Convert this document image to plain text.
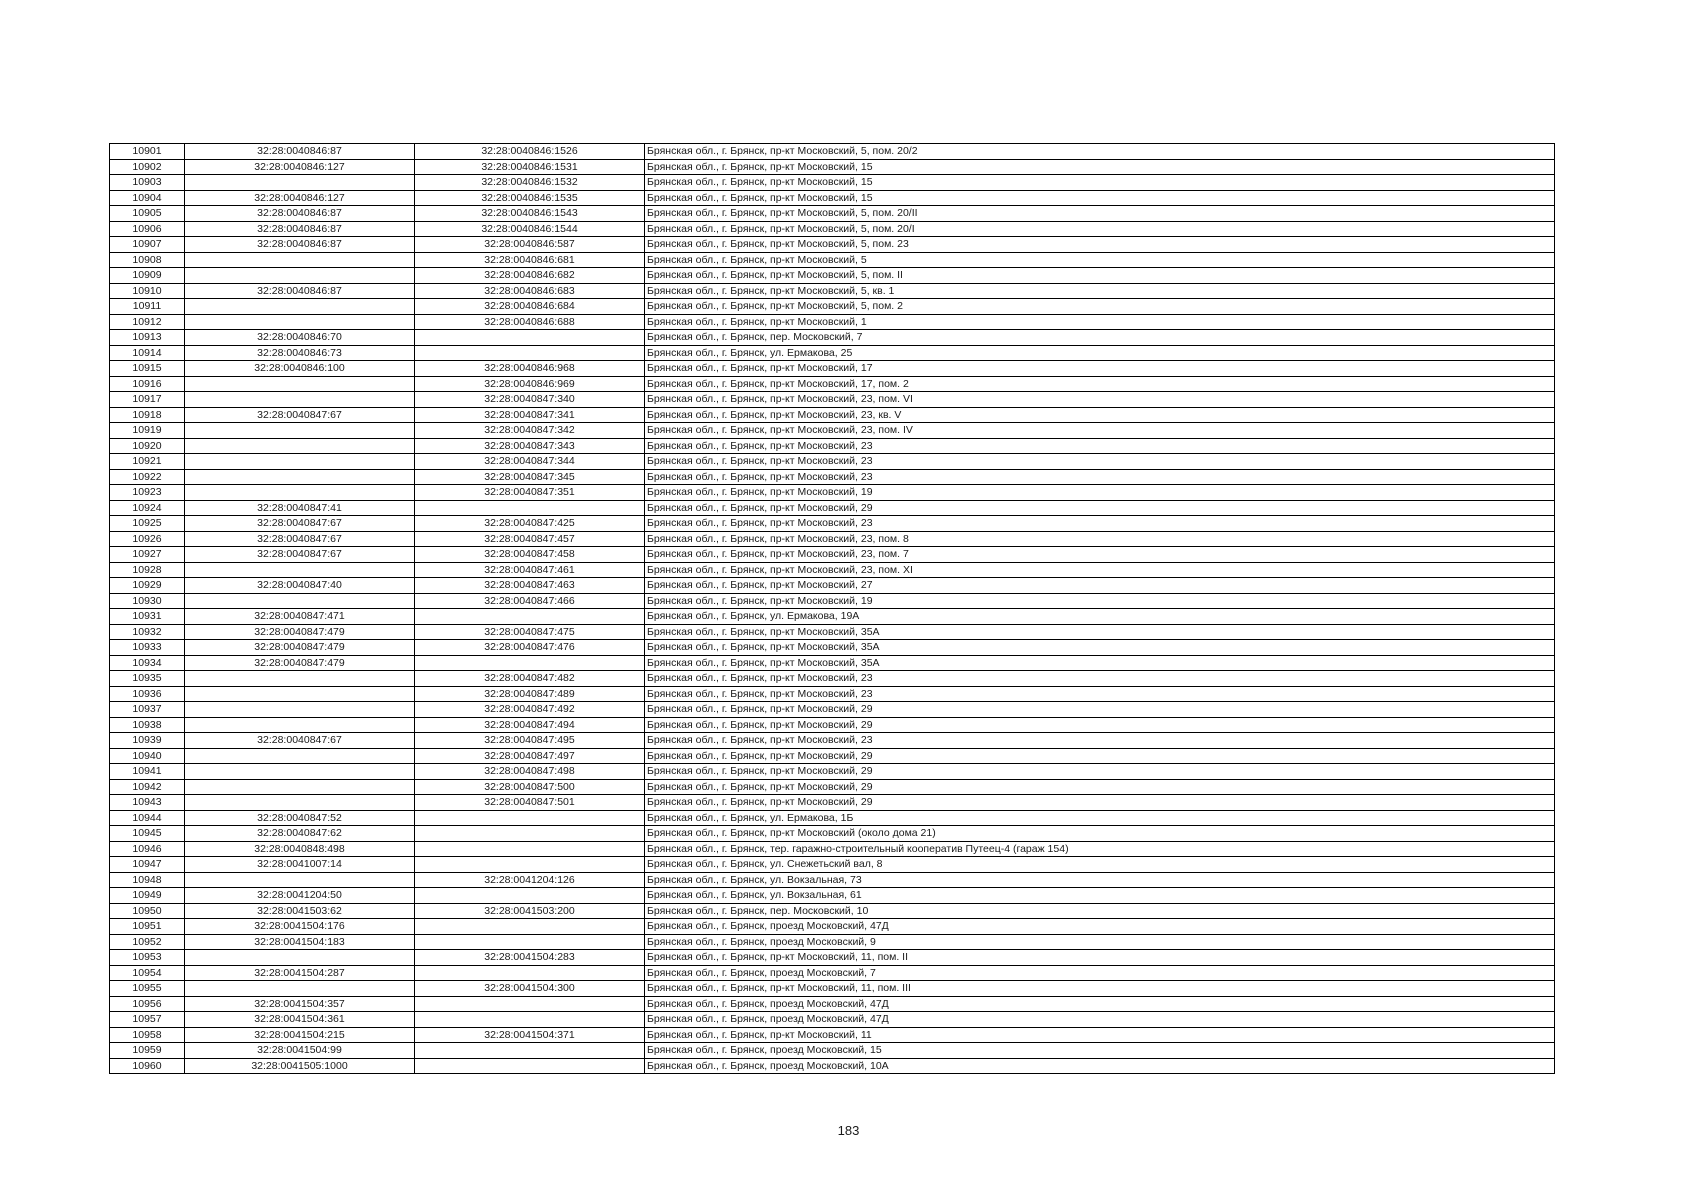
10901	32:28:0040846:87	32:28:0040846:1526	Брянская обл., г. Брянск, пр-кт Московский, 5, пом. 20/2
10902	32:28:0040846:127	32:28:0040846:1531	Брянская обл., г. Брянск, пр-кт Московский, 15
10903		32:28:0040846:1532	Брянская обл., г. Брянск, пр-кт Московский, 15
10904	32:28:0040846:127	32:28:0040846:1535	Брянская обл., г. Брянск, пр-кт Московский, 15
10905	32:28:0040846:87	32:28:0040846:1543	Брянская обл., г. Брянск, пр-кт Московский, 5, пом. 20/II
10906	32:28:0040846:87	32:28:0040846:1544	Брянская обл., г. Брянск, пр-кт Московский, 5, пом. 20/I
10907	32:28:0040846:87	32:28:0040846:587	Брянская обл., г. Брянск, пр-кт Московский, 5, пом. 23
10908		32:28:0040846:681	Брянская обл., г. Брянск, пр-кт Московский, 5
10909		32:28:0040846:682	Брянская обл., г. Брянск, пр-кт Московский, 5, пом. II
10910	32:28:0040846:87	32:28:0040846:683	Брянская обл., г. Брянск, пр-кт Московский, 5, кв. 1
10911		32:28:0040846:684	Брянская обл., г. Брянск, пр-кт Московский, 5, пом. 2
10912		32:28:0040846:688	Брянская обл., г. Брянск, пр-кт Московский, 1
10913	32:28:0040846:70		Брянская обл., г. Брянск, пер. Московский, 7
10914	32:28:0040846:73		Брянская обл., г. Брянск, ул. Ермакова, 25
10915	32:28:0040846:100	32:28:0040846:968	Брянская обл., г. Брянск, пр-кт Московский, 17
10916		32:28:0040846:969	Брянская обл., г. Брянск, пр-кт Московский, 17, пом. 2
10917		32:28:0040847:340	Брянская обл., г. Брянск, пр-кт Московский, 23, пом. VI
10918	32:28:0040847:67	32:28:0040847:341	Брянская обл., г. Брянск, пр-кт Московский, 23, кв. V
10919		32:28:0040847:342	Брянская обл., г. Брянск, пр-кт Московский, 23, пом. IV
10920		32:28:0040847:343	Брянская обл., г. Брянск, пр-кт Московский, 23
10921		32:28:0040847:344	Брянская обл., г. Брянск, пр-кт Московский, 23
10922		32:28:0040847:345	Брянская обл., г. Брянск, пр-кт Московский, 23
10923		32:28:0040847:351	Брянская обл., г. Брянск, пр-кт Московский, 19
10924	32:28:0040847:41		Брянская обл., г. Брянск, пр-кт Московский, 29
10925	32:28:0040847:67	32:28:0040847:425	Брянская обл., г. Брянск, пр-кт Московский, 23
10926	32:28:0040847:67	32:28:0040847:457	Брянская обл., г. Брянск, пр-кт Московский, 23, пом. 8
10927	32:28:0040847:67	32:28:0040847:458	Брянская обл., г. Брянск, пр-кт Московский, 23, пом. 7
10928		32:28:0040847:461	Брянская обл., г. Брянск, пр-кт Московский, 23, пом. XI
10929	32:28:0040847:40	32:28:0040847:463	Брянская обл., г. Брянск, пр-кт Московский, 27
10930		32:28:0040847:466	Брянская обл., г. Брянск, пр-кт Московский, 19
10931	32:28:0040847:471		Брянская обл., г. Брянск, ул. Ермакова, 19А
10932	32:28:0040847:479	32:28:0040847:475	Брянская обл., г. Брянск, пр-кт Московский, 35А
10933	32:28:0040847:479	32:28:0040847:476	Брянская обл., г. Брянск, пр-кт Московский, 35А
10934	32:28:0040847:479		Брянская обл., г. Брянск, пр-кт Московский, 35А
10935		32:28:0040847:482	Брянская обл., г. Брянск, пр-кт Московский, 23
10936		32:28:0040847:489	Брянская обл., г. Брянск, пр-кт Московский, 23
10937		32:28:0040847:492	Брянская обл., г. Брянск, пр-кт Московский, 29
10938		32:28:0040847:494	Брянская обл., г. Брянск, пр-кт Московский, 29
10939	32:28:0040847:67	32:28:0040847:495	Брянская обл., г. Брянск, пр-кт Московский, 23
10940		32:28:0040847:497	Брянская обл., г. Брянск, пр-кт Московский, 29
10941		32:28:0040847:498	Брянская обл., г. Брянск, пр-кт Московский, 29
10942		32:28:0040847:500	Брянская обл., г. Брянск, пр-кт Московский, 29
10943		32:28:0040847:501	Брянская обл., г. Брянск, пр-кт Московский, 29
10944	32:28:0040847:52		Брянская обл., г. Брянск, ул. Ермакова, 1Б
10945	32:28:0040847:62		Брянская обл., г. Брянск, пр-кт Московский (около дома 21)
10946	32:28:0040848:498		Брянская обл., г. Брянск, тер. гаражно-строительный кооператив Путеец-4 (гараж 154)
10947	32:28:0041007:14		Брянская обл., г. Брянск, ул. Снежетьский вал, 8
10948		32:28:0041204:126	Брянская обл., г. Брянск, ул. Вокзальная, 73
10949	32:28:0041204:50		Брянская обл., г. Брянск, ул. Вокзальная, 61
10950	32:28:0041503:62	32:28:0041503:200	Брянская обл., г. Брянск, пер. Московский, 10
10951	32:28:0041504:176		Брянская обл., г. Брянск, проезд Московский, 47Д
10952	32:28:0041504:183		Брянская обл., г. Брянск, проезд Московский, 9
10953		32:28:0041504:283	Брянская обл., г. Брянск, пр-кт Московский, 11, пом. II
10954	32:28:0041504:287		Брянская обл., г. Брянск, проезд Московский, 7
10955		32:28:0041504:300	Брянская обл., г. Брянск, пр-кт Московский, 11, пом. III
10956	32:28:0041504:357		Брянская обл., г. Брянск, проезд Московский, 47Д
10957	32:28:0041504:361		Брянская обл., г. Брянск, проезд Московский, 47Д
10958	32:28:0041504:215	32:28:0041504:371	Брянская обл., г. Брянск, пр-кт Московский, 11
10959	32:28:0041504:99		Брянская обл., г. Брянск, проезд Московский, 15
10960	32:28:0041505:1000		Брянская обл., г. Брянск, проезд Московский, 10А
183
